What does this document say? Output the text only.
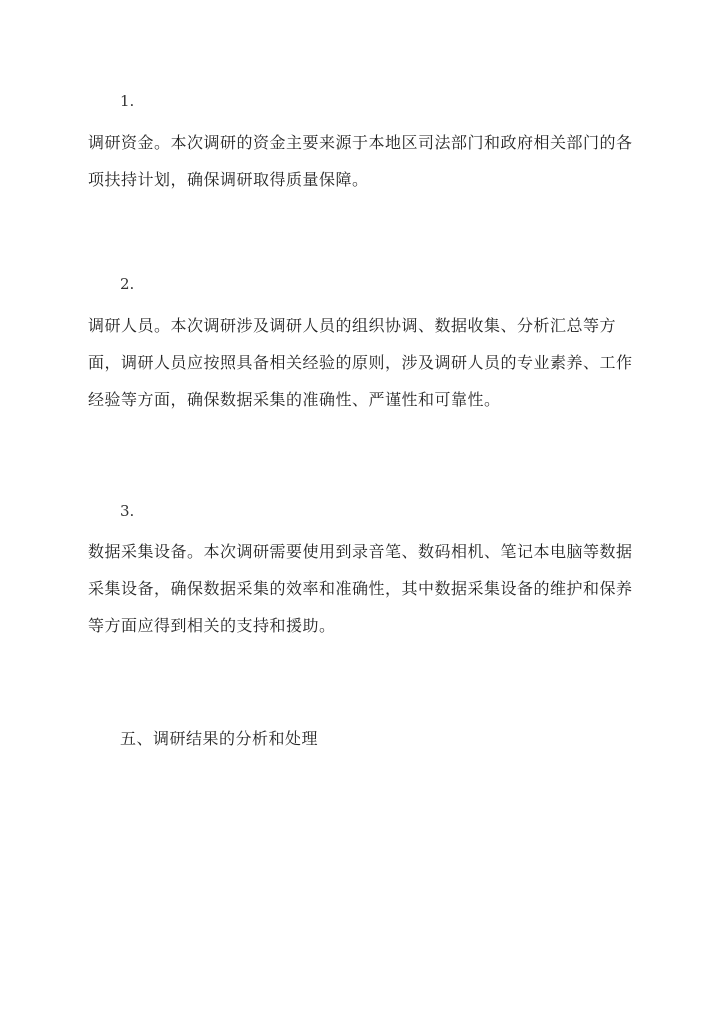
1.

调研资金。本次调研的资金主要来源于本地区司法部门和政府相关部门的各项扶持计划，确保调研取得质量保障。

2.

调研人员。本次调研涉及调研人员的组织协调、数据收集、分析汇总等方面，调研人员应按照具备相关经验的原则，涉及调研人员的专业素养、工作经验等方面，确保数据采集的准确性、严谨性和可靠性。

3.

数据采集设备。本次调研需要使用到录音笔、数码相机、笔记本电脑等数据采集设备，确保数据采集的效率和准确性，其中数据采集设备的维护和保养等方面应得到相关的支持和援助。

五、调研结果的分析和处理
